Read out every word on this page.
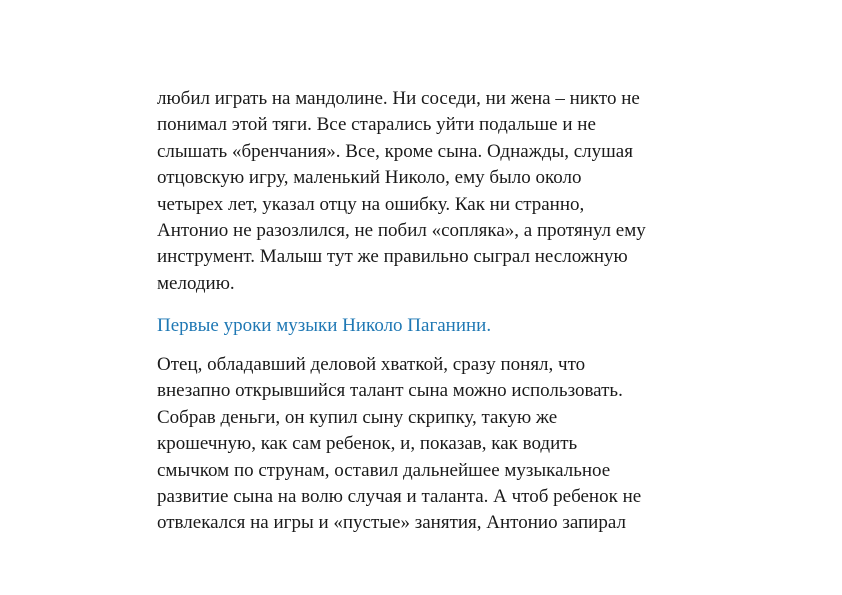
любил играть на мандолине. Ни соседи, ни жена – никто не
понимал этой тяги. Все старались уйти подальше и не
слышать «бренчания». Все, кроме сына. Однажды, слушая
отцовскую игру, маленький Николо, ему было около
четырех лет, указал отцу на ошибку. Как ни странно,
Антонио не разозлился, не побил «сопляка», а протянул ему
инструмент. Малыш тут же правильно сыграл несложную
мелодию.
Первые уроки музыки Николо Паганини.
Отец, обладавший деловой хваткой, сразу понял, что
внезапно открывшийся талант сына можно использовать.
Собрав деньги, он купил сыну скрипку, такую же
крошечную, как сам ребенок, и, показав, как водить
смычком по струнам, оставил дальнейшее музыкальное
развитие сына на волю случая и таланта. А чтоб ребенок не
отвлекался на игры и «пустые» занятия, Антонио запирал
